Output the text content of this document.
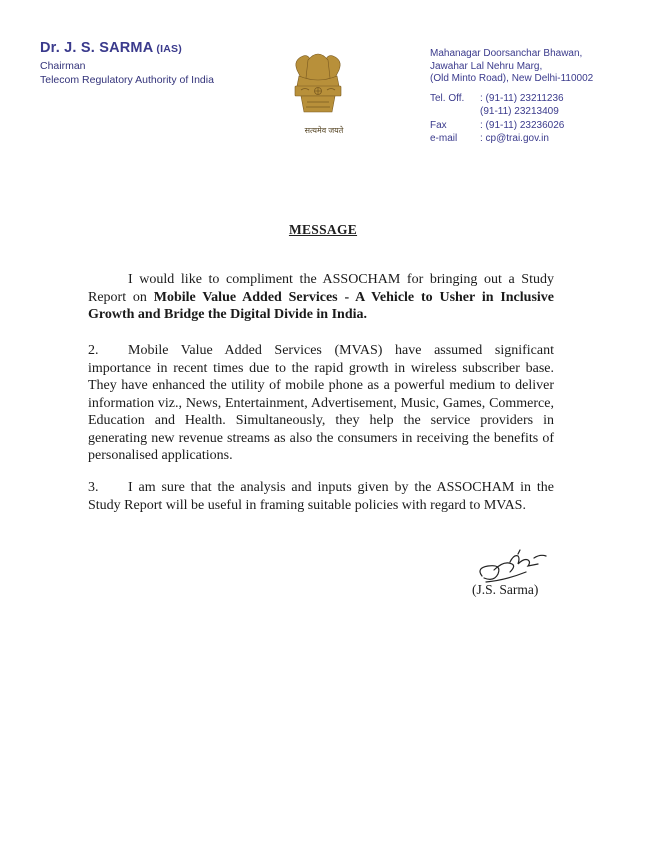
Dr. J. S. SARMA (IAS)
Chairman
Telecom Regulatory Authority of India
सत्यमेव जयते
Mahanagar Doorsanchar Bhawan,
Jawahar Lal Nehru Marg,
(Old Minto Road), New Delhi-110002
Tel. Off.	: (91-11) 23211236
(91-11) 23213409
Fax	: (91-11) 23236026
e-mail	: cp@trai.gov.in
MESSAGE
I would like to compliment the ASSOCHAM for bringing out a Study Report on Mobile Value Added Services - A Vehicle to Usher in Inclusive Growth and Bridge the Digital Divide in India.
2. Mobile Value Added Services (MVAS) have assumed significant importance in recent times due to the rapid growth in wireless subscriber base. They have enhanced the utility of mobile phone as a powerful medium to deliver information viz., News, Entertainment, Advertisement, Music, Games, Commerce, Education and Health. Simultaneously, they help the service providers in generating new revenue streams as also the consumers in receiving the benefits of personalised applications.
3. I am sure that the analysis and inputs given by the ASSOCHAM in the Study Report will be useful in framing suitable policies with regard to MVAS.
(J.S. Sarma)
